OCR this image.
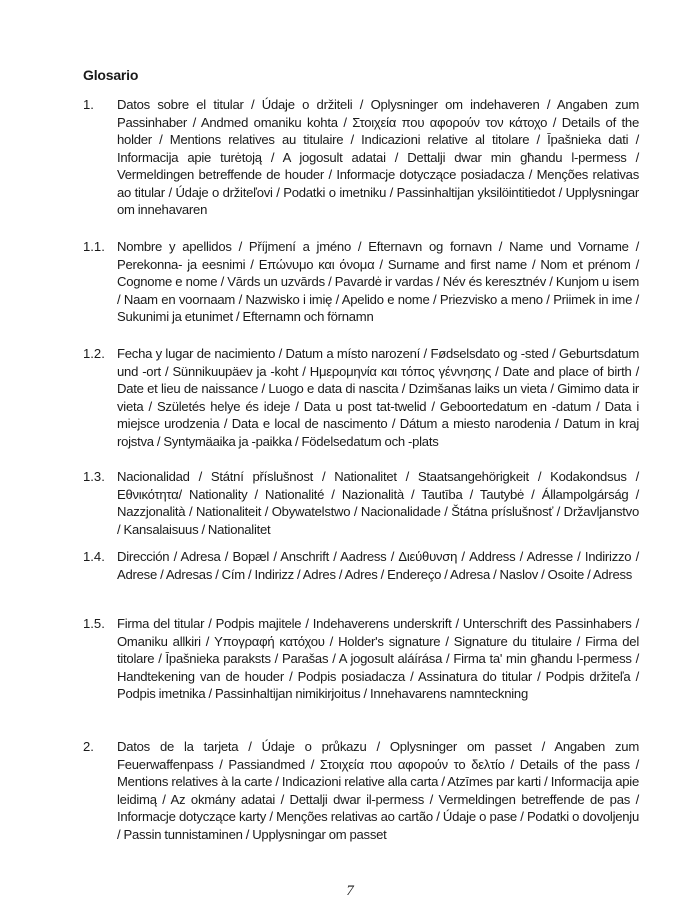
Glosario
1.	Datos sobre el titular / Údaje o držiteli / Oplysninger om indehaveren / Angaben zum Passinhaber / Andmed omaniku kohta / Στοιχεία που αφορούν τον κάτοχο / Details of the holder / Mentions relatives au titulaire / Indicazioni relative al titolare / Īpašnieka dati / Informacija apie turėtoją / A jogosult adatai / Dettalji dwar min għandu l-permess / Vermeldingen betreffende de houder / Informacje dotyczące posiadacza / Menções relativas ao titular / Údaje o držiteľovi / Podatki o imetniku / Passinhaltijan yksilöintitiedot / Upplysningar om innehavaren
1.1. Nombre y apellidos / Příjmení a jméno / Efternavn og fornavn / Name und Vorname / Perekonna- ja eesnimi / Επώνυμο και όνομα / Surname and first name / Nom et prénom / Cognome e nome / Vārds un uzvārds / Pavardė ir vardas / Név és keresztnév / Kunjom u isem / Naam en voornaam / Nazwisko i imię / Apelido e nome / Priezvisko a meno / Priimek in ime / Sukunimi ja etunimet / Efternamn och förnamn
1.2. Fecha y lugar de nacimiento / Datum a místo narození / Fødselsdato og -sted / Geburtsdatum und -ort / Sünnikuupäev ja -koht / Ημερομηνία και τόπος γέννησης / Date and place of birth / Date et lieu de naissance / Luogo e data di nascita / Dzimšanas laiks un vieta / Gimimo data ir vieta / Születés helye és ideje / Data u post tat-twelid / Geboortedatum en -datum / Data i miejsce urodzenia / Data e local de nascimento / Dátum a miesto narodenia / Datum in kraj rojstva / Syntymäaika ja -paikka / Födelsedatum och -plats
1.3. Nacionalidad / Státní příslušnost / Nationalitet / Staatsangehörigkeit / Kodakondsus / Εθνικότητα/ Nationality / Nationalité / Nazionalità / Tautība / Tautybė / Állampolgárság / Nazzjonalità / Nationaliteit / Obywatelstwo / Nacionalidade / Štátna príslušnosť / Državljanstvo / Kansalaisuus / Nationalitet
1.4. Dirección / Adresa / Bopæl / Anschrift / Aadress / Διεύθυνση / Address / Adresse / Indirizzo / Adrese / Adresas / Cím / Indirizz / Adres / Adres / Endereço / Adresa / Naslov / Osoite / Adress
1.5. Firma del titular / Podpis majitele / Indehaverens underskrift / Unterschrift des Passinhabers / Omaniku allkiri / Υπογραφή κατόχου / Holder's signature / Signature du titulaire / Firma del titolare / Īpašnieka paraksts / Parašas / A jogosult aláírása / Firma ta' min għandu l-permess / Handtekening van de houder / Podpis posiadacza / Assinatura do titular / Podpis držiteľa / Podpis imetnika / Passinhaltijan nimikirjoitus / Innehavarens namnteckning
2.	Datos de la tarjeta / Údaje o průkazu / Oplysninger om passet / Angaben zum Feuerwaffenpass / Passiandmed / Στοιχεία που αφορούν το δελτίο / Details of the pass / Mentions relatives à la carte / Indicazioni relative alla carta / Atzīmes par karti / Informacija apie leidimą / Az okmány adatai / Dettalji dwar il-permess / Vermeldingen betreffende de pas / Informacje dotyczące karty / Menções relativas ao cartão / Údaje o pase / Podatki o dovoljenju / Passin tunnistaminen / Upplysningar om passet
7
